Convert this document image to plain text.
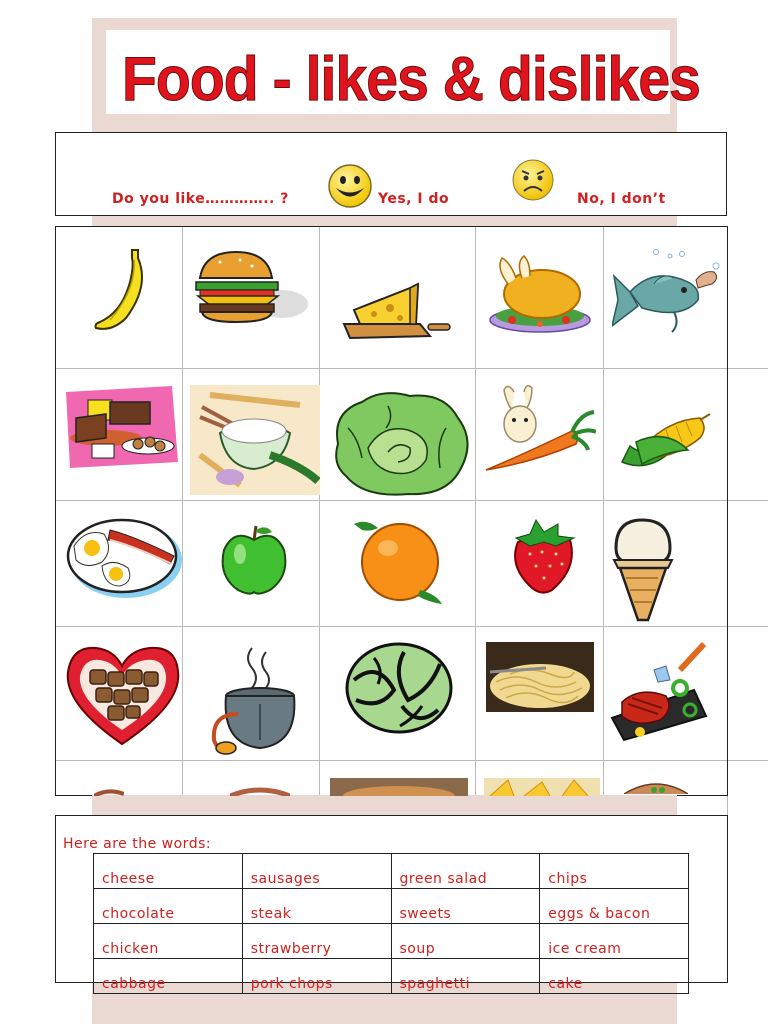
Food - likes & dislikes
Do you like………….. ?	Yes, I do	No, I don’t
Here are the words:
cheese	sausages	green salad	chips

chocolate	steak	sweets	eggs & bacon

chicken	strawberry	soup	ice cream

cabbage	pork chops	spaghetti	cake
